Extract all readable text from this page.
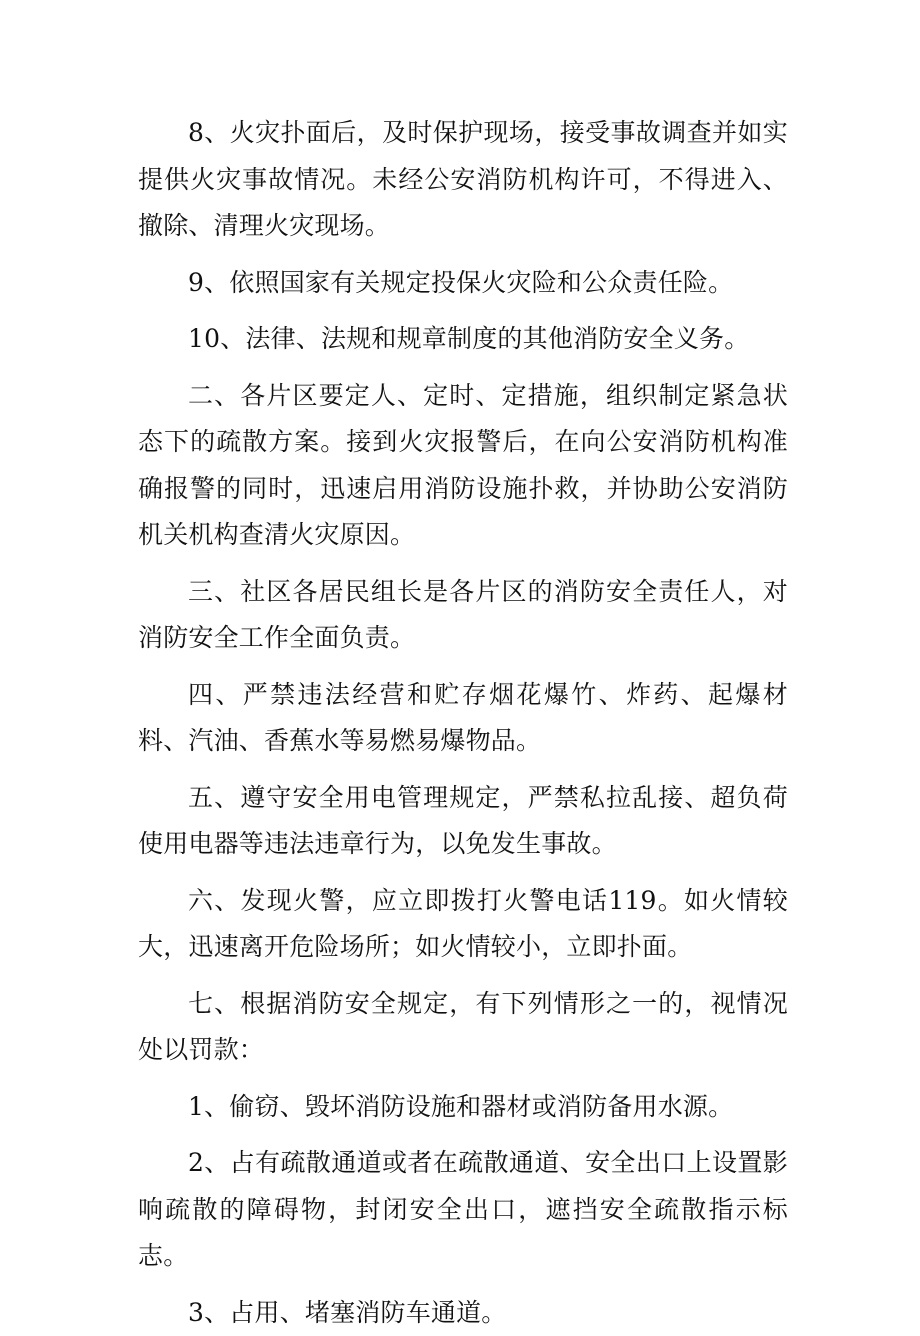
8、火灾扑面后，及时保护现场，接受事故调查并如实提供火灾事故情况。未经公安消防机构许可，不得进入、撤除、清理火灾现场。

9、依照国家有关规定投保火灾险和公众责任险。

10、法律、法规和规章制度的其他消防安全义务。

二、各片区要定人、定时、定措施，组织制定紧急状态下的疏散方案。接到火灾报警后，在向公安消防机构准确报警的同时，迅速启用消防设施扑救，并协助公安消防机关机构查清火灾原因。

三、社区各居民组长是各片区的消防安全责任人，对消防安全工作全面负责。

四、严禁违法经营和贮存烟花爆竹、炸药、起爆材料、汽油、香蕉水等易燃易爆物品。

五、遵守安全用电管理规定，严禁私拉乱接、超负荷使用电器等违法违章行为，以免发生事故。

六、发现火警，应立即拨打火警电话119。如火情较大，迅速离开危险场所；如火情较小，立即扑面。

七、根据消防安全规定，有下列情形之一的，视情况处以罚款：

1、偷窃、毁坏消防设施和器材或消防备用水源。

2、占有疏散通道或者在疏散通道、安全出口上设置影响疏散的障碍物，封闭安全出口，遮挡安全疏散指示标志。

3、占用、堵塞消防车通道。
